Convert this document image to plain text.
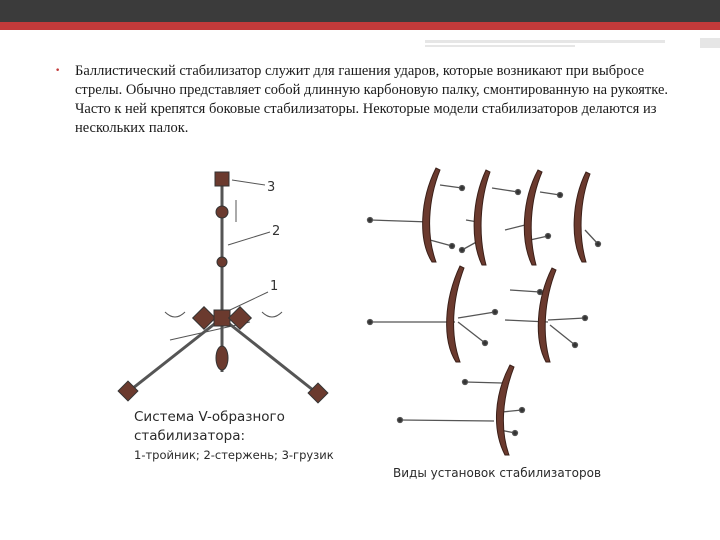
• Баллистический стабилизатор служит для гашения ударов, которые возникают при выбросе стрелы. Обычно представляет собой длинную карбоновую палку, смонтированную на рукоятке. Часто к ней крепятся боковые стабилизаторы. Некоторые модели стабилизаторов делаются из нескольких палок.

3
2
1

Система V-образного

стабилизатора:

1-тройник; 2-стержень; 3-грузик

Виды установок стабилизаторов
